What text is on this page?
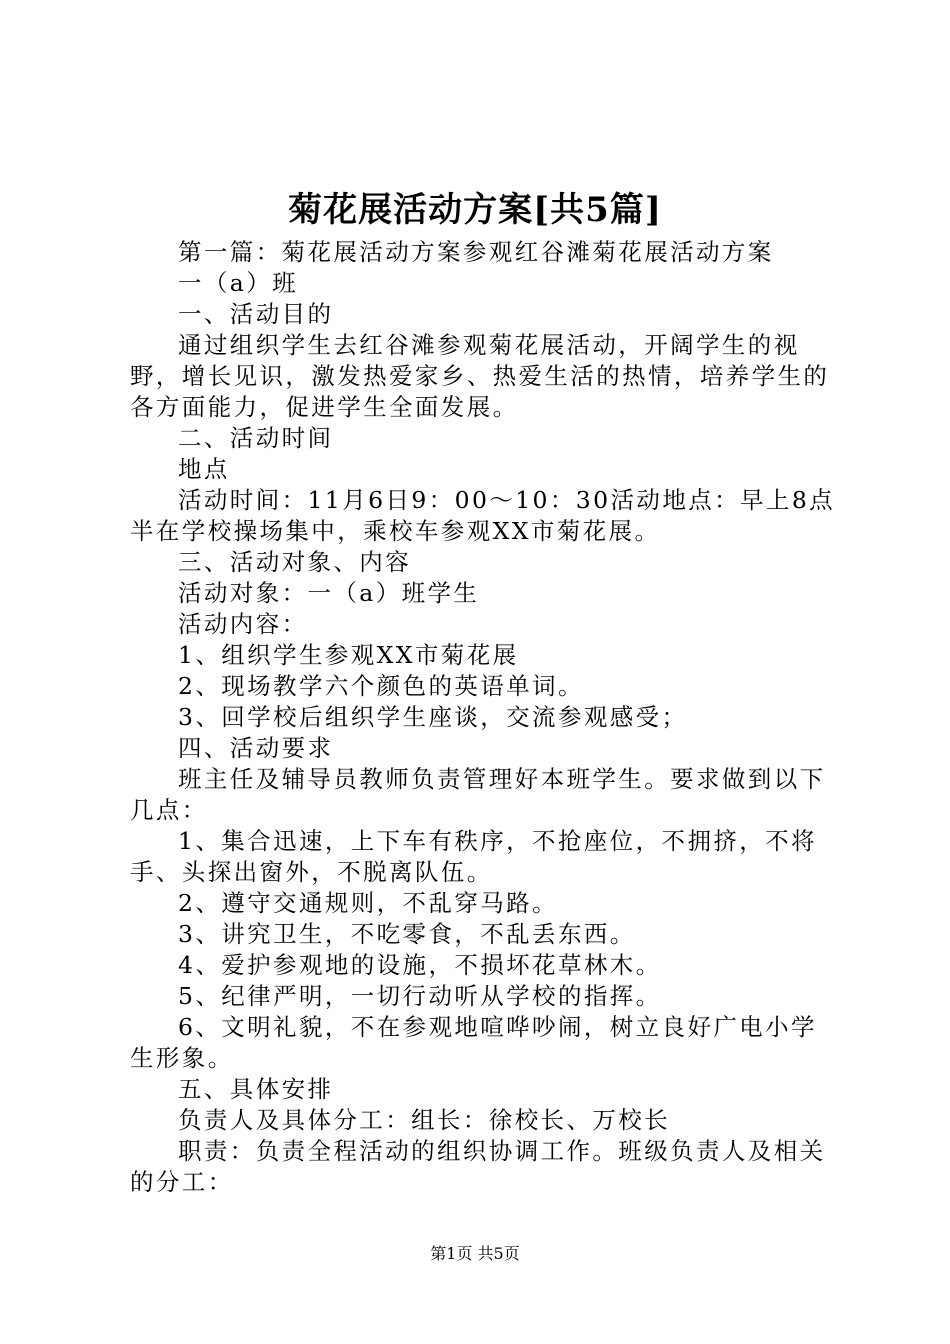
菊花展活动方案[共5篇]

第一篇：菊花展活动方案参观红谷滩菊花展活动方案

一（a）班

一、活动目的

通过组织学生去红谷滩参观菊花展活动，开阔学生的视野，增长见识，激发热爱家乡、热爱生活的热情，培养学生的各方面能力，促进学生全面发展。

二、活动时间

地点

活动时间：11月6日9：00～10：30活动地点：早上8点半在学校操场集中，乘校车参观XX市菊花展。

三、活动对象、内容

活动对象：一（a）班学生

活动内容：

1、组织学生参观XX市菊花展

2、现场教学六个颜色的英语单词。

3、回学校后组织学生座谈，交流参观感受；

四、活动要求

班主任及辅导员教师负责管理好本班学生。要求做到以下几点：

1、集合迅速，上下车有秩序，不抢座位，不拥挤，不将手、头探出窗外，不脱离队伍。

2、遵守交通规则，不乱穿马路。

3、讲究卫生，不吃零食，不乱丢东西。

4、爱护参观地的设施，不损坏花草林木。

5、纪律严明，一切行动听从学校的指挥。

6、文明礼貌，不在参观地喧哗吵闹，树立良好广电小学生形象。

五、具体安排

负责人及具体分工：组长：徐校长、万校长

职责：负责全程活动的组织协调工作。班级负责人及相关的分工：

第1页 共5页
